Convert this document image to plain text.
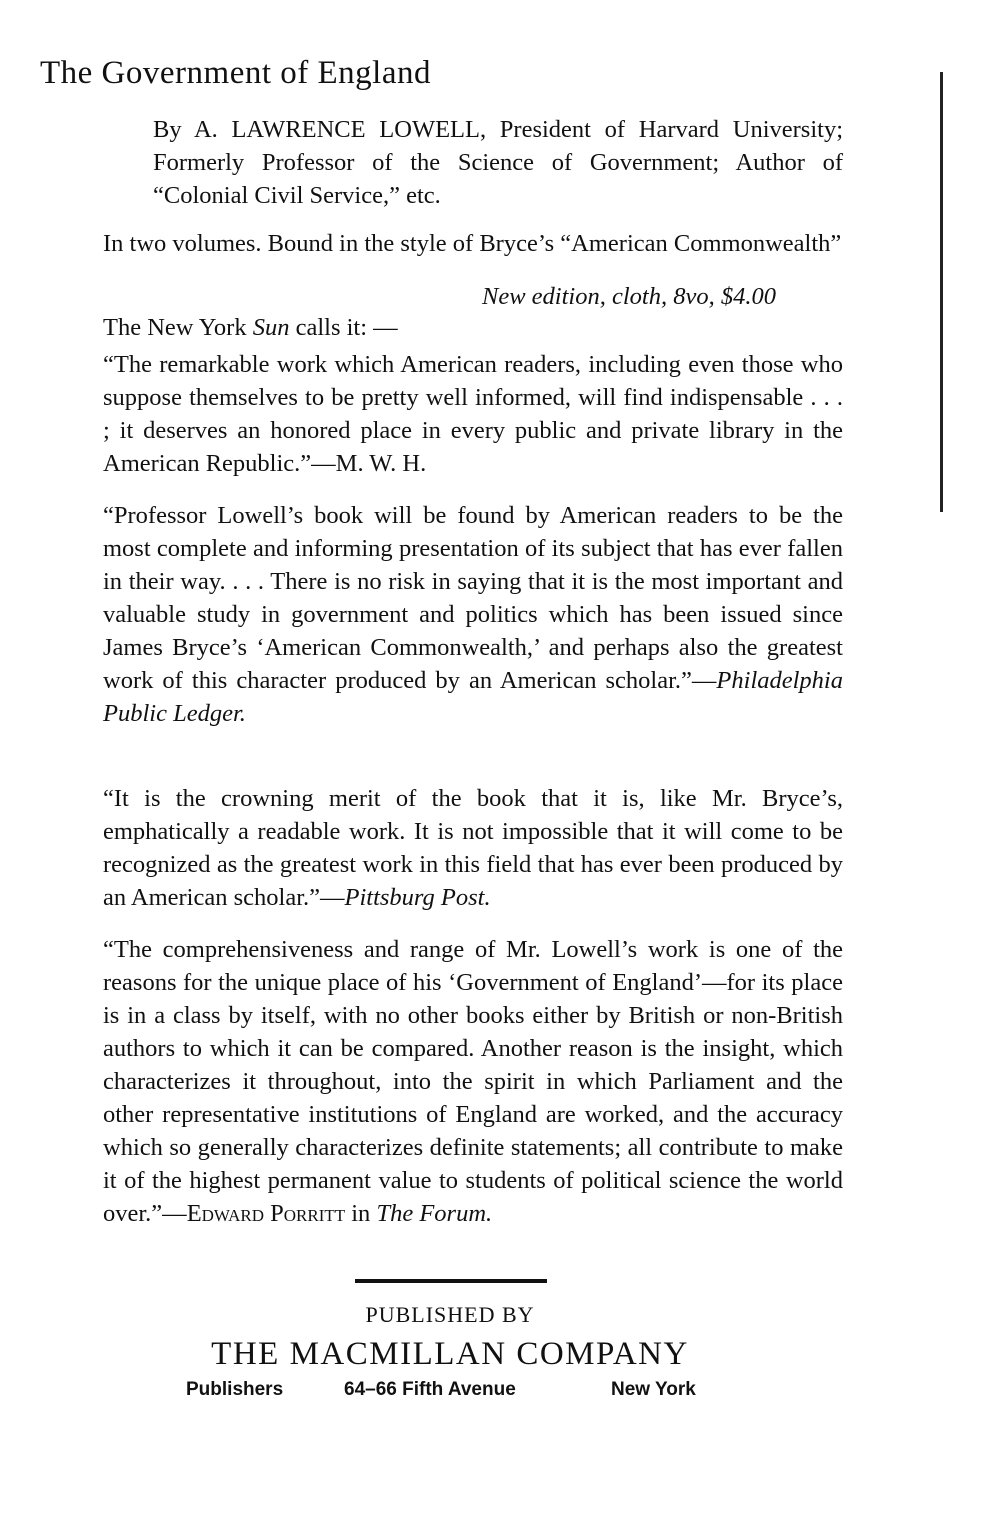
The Government of England
By A. LAWRENCE LOWELL, President of Harvard University; Formerly Professor of the Science of Government; Author of “Colonial Civil Service,” etc.
In two volumes. Bound in the style of Bryce’s “American Commonwealth”
New edition, cloth, 8vo, $4.00
The New York Sun calls it: —
“The remarkable work which American readers, including even those who suppose themselves to be pretty well informed, will find indispensable . . . ; it deserves an honored place in every public and private library in the American Republic.”—M. W. H.
“Professor Lowell’s book will be found by American readers to be the most complete and informing presentation of its subject that has ever fallen in their way. . . . There is no risk in saying that it is the most important and valuable study in government and politics which has been issued since James Bryce’s ‘American Commonwealth,’ and perhaps also the greatest work of this character produced by an American scholar.”—Philadelphia Public Ledger.
“It is the crowning merit of the book that it is, like Mr. Bryce’s, emphatically a readable work. It is not impossible that it will come to be recognized as the greatest work in this field that has ever been produced by an American scholar.”—Pittsburg Post.
“The comprehensiveness and range of Mr. Lowell’s work is one of the reasons for the unique place of his ‘Government of England’—for its place is in a class by itself, with no other books either by British or non-British authors to which it can be compared. Another reason is the insight, which characterizes it throughout, into the spirit in which Parliament and the other representative institutions of England are worked, and the accuracy which so generally characterizes definite statements; all contribute to make it of the highest permanent value to students of political science the world over.”—Edward Porritt in The Forum.
PUBLISHED BY
THE MACMILLAN COMPANY
Publishers	64–66 Fifth Avenue	New York
